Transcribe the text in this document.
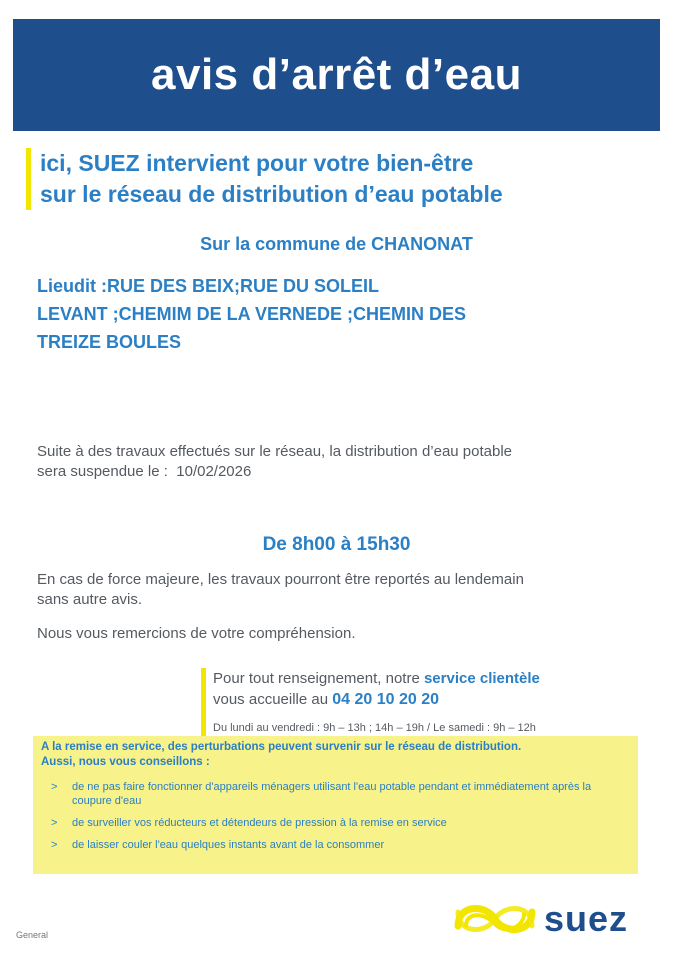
avis d’arrêt d’eau
ici, SUEZ intervient pour votre bien-être
sur le réseau de distribution d’eau potable
Sur la commune de CHANONAT
Lieudit :RUE DES BEIX;RUE DU SOLEIL
LEVANT ;CHEMIM DE LA VERNEDE ;CHEMIN DES
TREIZE BOULES
Suite à des travaux effectués sur le réseau, la distribution d’eau potable
sera suspendue le : 10/02/2026
De 8h00 à 15h30
En cas de force majeure, les travaux pourront être reportés au lendemain
sans autre avis.
Nous vous remercions de votre compréhension.
Pour tout renseignement, notre service clientèle
vous accueille au 04 20 10 20 20
Du lundi au vendredi : 9h – 13h ; 14h – 19h / Le samedi : 9h – 12h
A la remise en service, des perturbations peuvent survenir sur le réseau de distribution.
Aussi, nous vous conseillons :
> de ne pas faire fonctionner d'appareils ménagers utilisant l'eau potable pendant et immédiatement après la coupure d'eau
> de surveiller vos réducteurs et détendeurs de pression à la remise en service
> de laisser couler l'eau quelques instants avant de la consommer
General	suez
